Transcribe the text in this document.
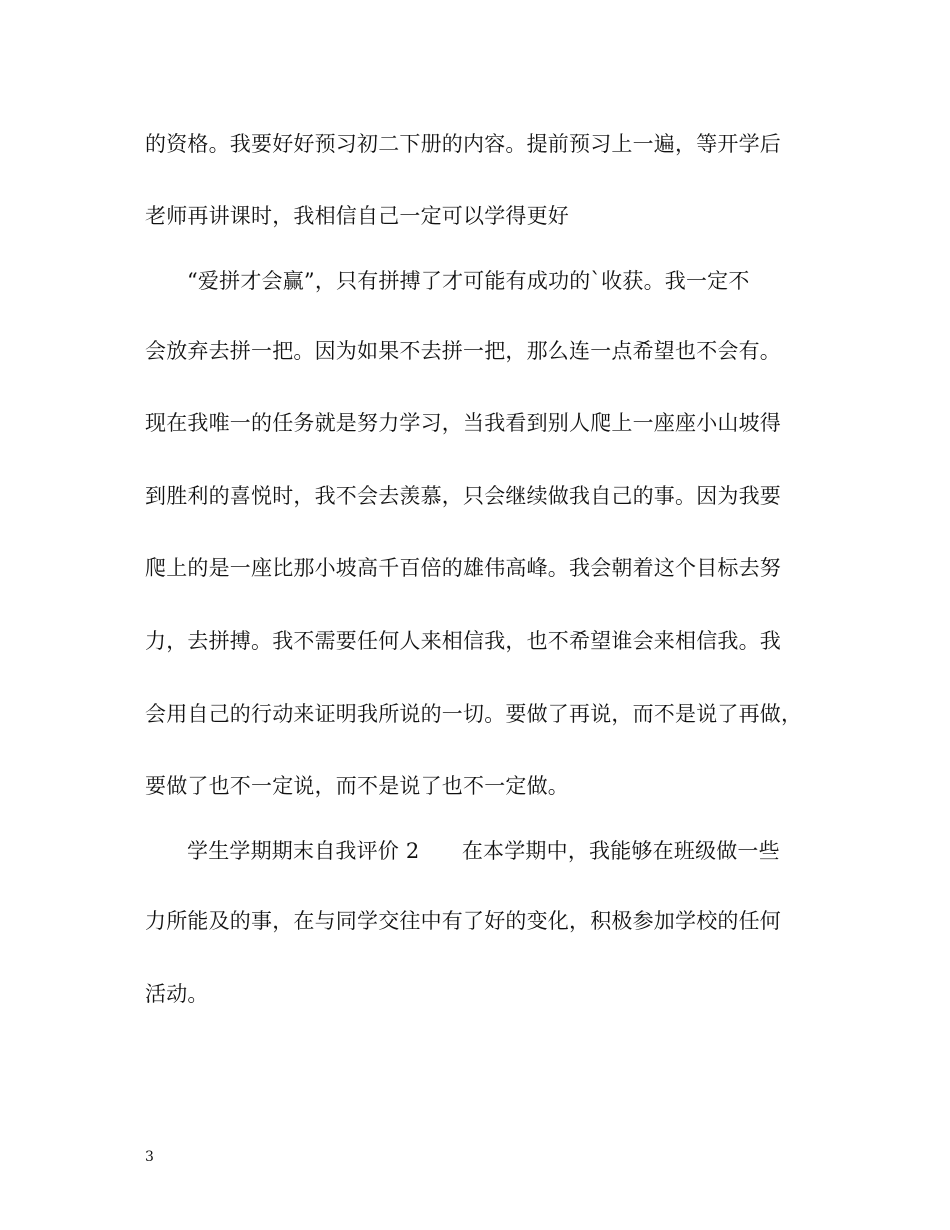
的资格。我要好好预习初二下册的内容。提前预习上一遍，等开学后
老师再讲课时，我相信自己一定可以学得更好
“爱拼才会赢”，只有拼搏了才可能有成功的`收获。我一定不
会放弃去拼一把。因为如果不去拼一把，那么连一点希望也不会有。
现在我唯一的任务就是努力学习，当我看到别人爬上一座座小山坡得
到胜利的喜悦时，我不会去羡慕，只会继续做我自己的事。因为我要
爬上的是一座比那小坡高千百倍的雄伟高峰。我会朝着这个目标去努
力，去拼搏。我不需要任何人来相信我，也不希望谁会来相信我。我
会用自己的行动来证明我所说的一切。要做了再说，而不是说了再做，
要做了也不一定说，而不是说了也不一定做。
学生学期期末自我评价 2　　在本学期中，我能够在班级做一些
力所能及的事，在与同学交往中有了好的变化，积极参加学校的任何
活动。
3
